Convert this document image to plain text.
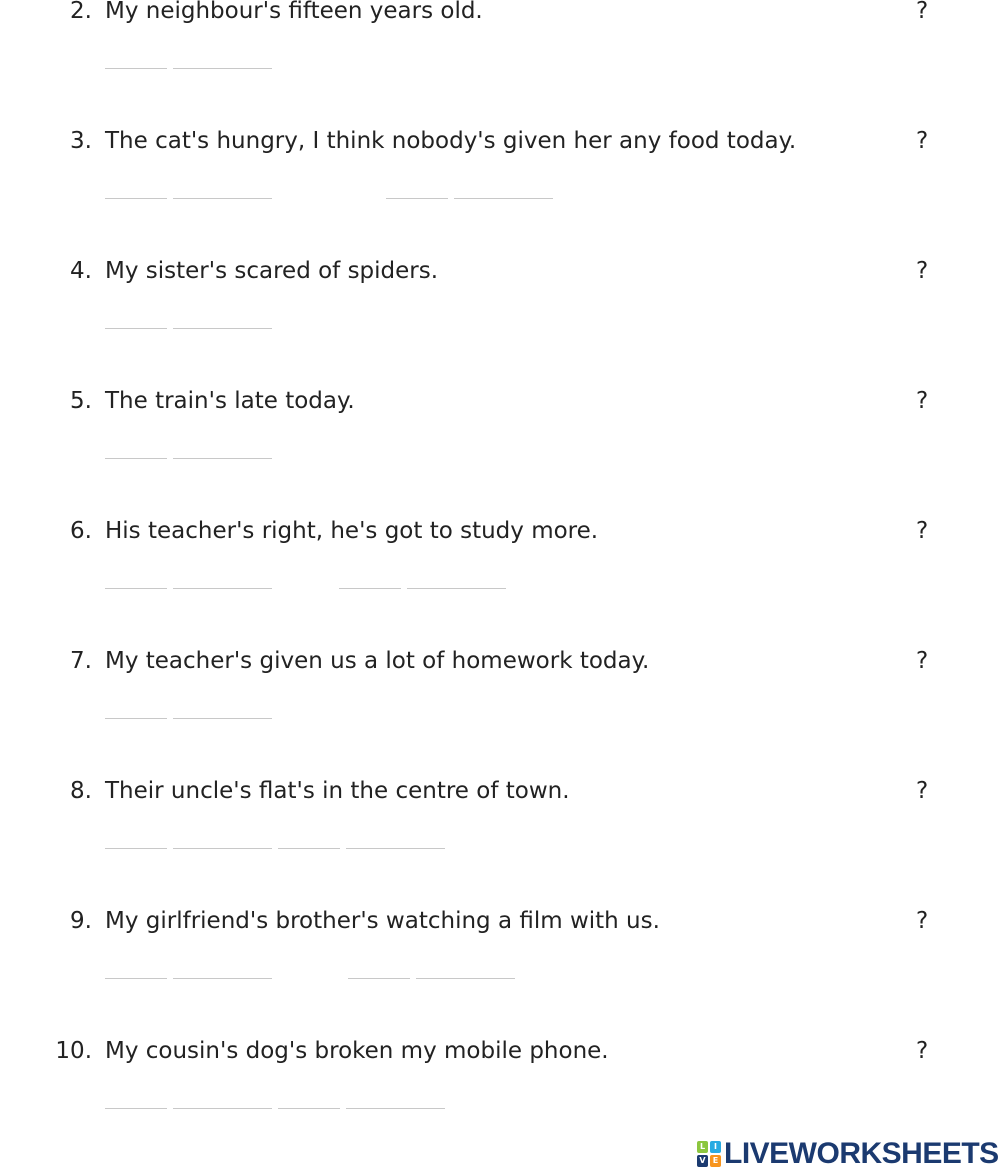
2. My neighbour's fifteen years old.	?
3. The cat's hungry, I think nobody's given her any food today.	?
4. My sister's scared of spiders.	?
5. The train's late today.	?
6. His teacher's right, he's got to study more.	?
7. My teacher's given us a lot of homework today.	?
8. Their uncle's flat's in the centre of town.	?
9. My girlfriend's brother's watching a film with us.	?
10. My cousin's dog's broken my mobile phone.	?
L	I
V E LIVEWORKSHEETS
